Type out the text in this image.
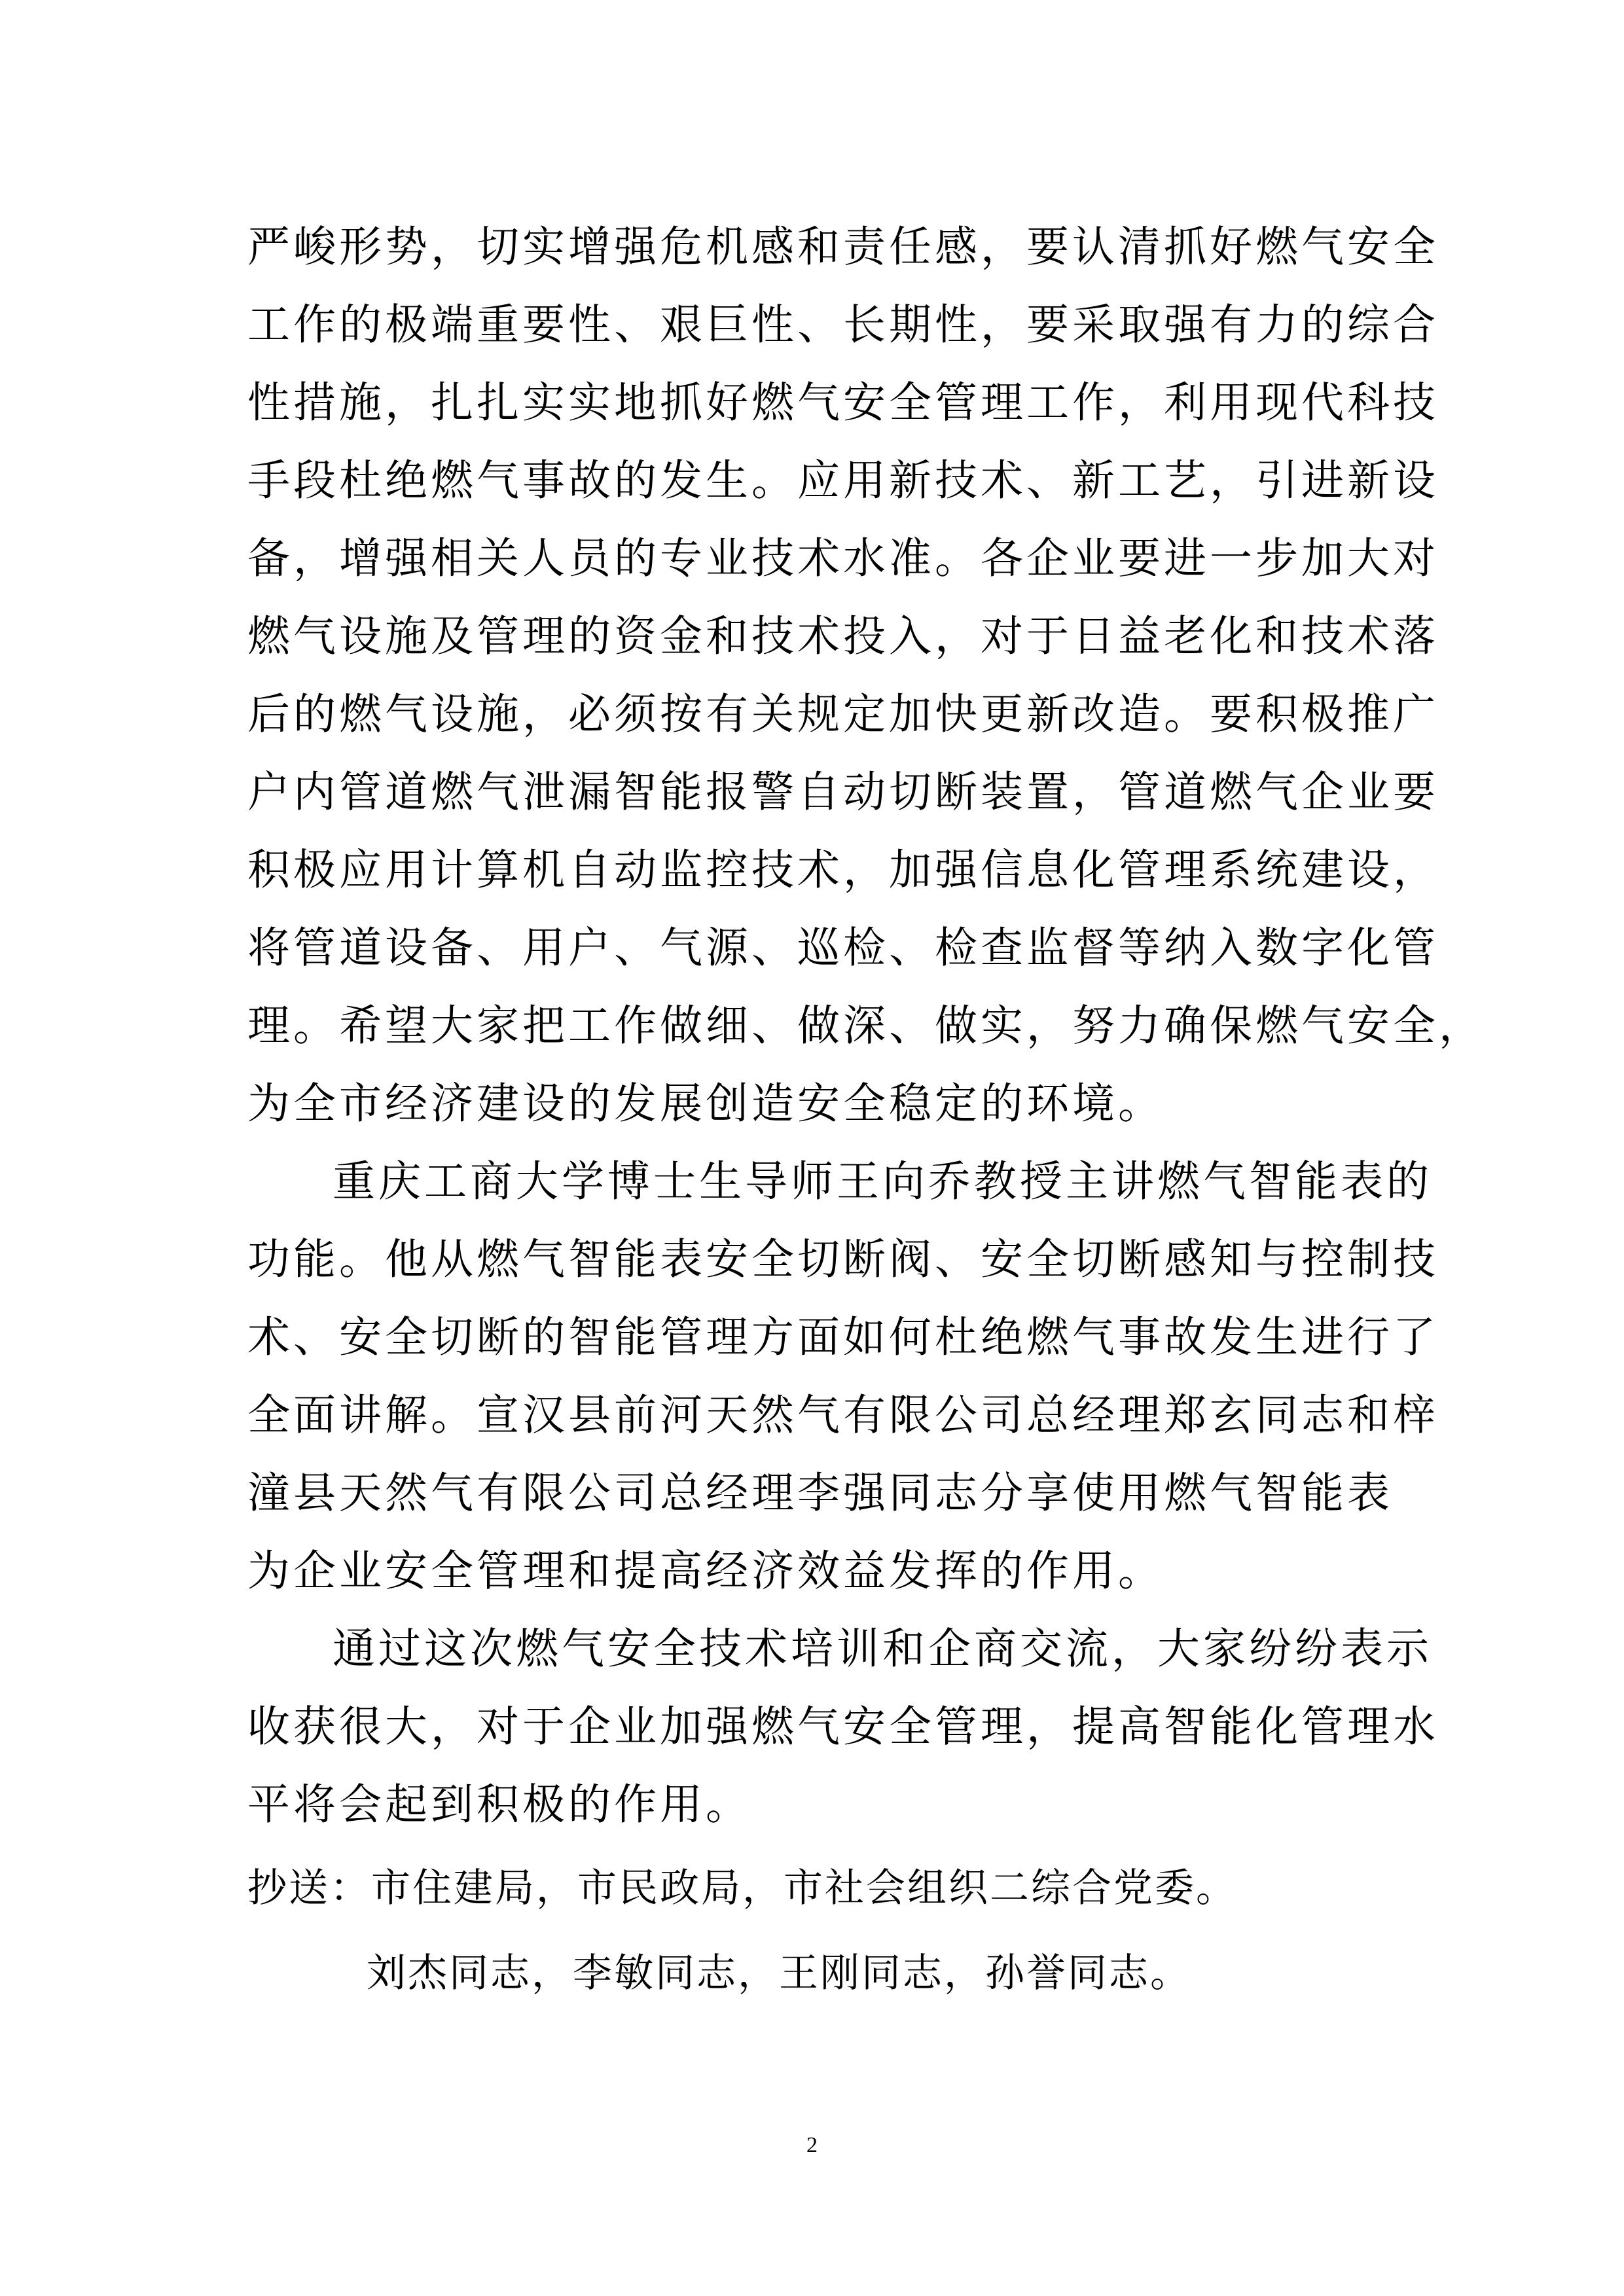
严峻形势，切实增强危机感和责任感，要认清抓好燃气安全
工作的极端重要性、艰巨性、长期性，要采取强有力的综合
性措施，扎扎实实地抓好燃气安全管理工作，利用现代科技
手段杜绝燃气事故的发生。应用新技术、新工艺，引进新设
备，增强相关人员的专业技术水准。各企业要进一步加大对
燃气设施及管理的资金和技术投入，对于日益老化和技术落
后的燃气设施，必须按有关规定加快更新改造。要积极推广
户内管道燃气泄漏智能报警自动切断装置，管道燃气企业要
积极应用计算机自动监控技术，加强信息化管理系统建设，
将管道设备、用户、气源、巡检、检查监督等纳入数字化管
理。希望大家把工作做细、做深、做实，努力确保燃气安全，
为全市经济建设的发展创造安全稳定的环境。
重庆工商大学博士生导师王向乔教授主讲燃气智能表的
功能。他从燃气智能表安全切断阀、安全切断感知与控制技
术、安全切断的智能管理方面如何杜绝燃气事故发生进行了
全面讲解。宣汉县前河天然气有限公司总经理郑玄同志和梓
潼县天然气有限公司总经理李强同志分享使用燃气智能表
为企业安全管理和提高经济效益发挥的作用。
通过这次燃气安全技术培训和企商交流，大家纷纷表示
收获很大，对于企业加强燃气安全管理，提高智能化管理水
平将会起到积极的作用。
抄送：市住建局，市民政局，市社会组织二综合党委。
刘杰同志，李敏同志，王刚同志，孙誉同志。
2
